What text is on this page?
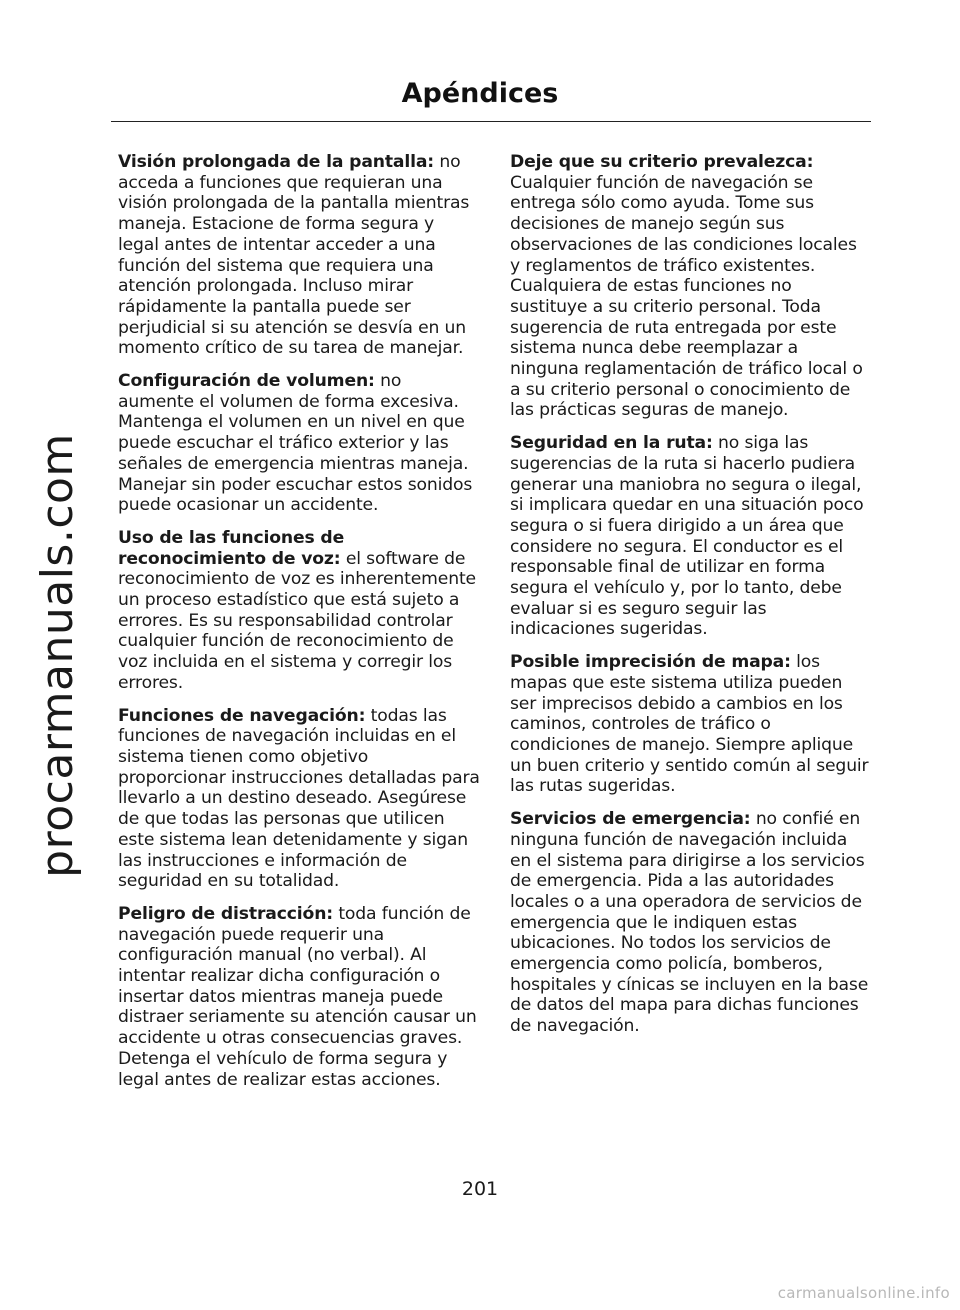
procarmanuals.com
Apéndices

Visión prolongada de la pantalla: no acceda a funciones que requieran una visión prolongada de la pantalla mientras maneja. Estacione de forma segura y legal antes de intentar acceder a una función del sistema que requiera una atención prolongada. Incluso mirar rápidamente la pantalla puede ser perjudicial si su atención se desvía en un momento crítico de su tarea de manejar.

Configuración de volumen: no aumente el volumen de forma excesiva. Mantenga el volumen en un nivel en que puede escuchar el tráfico exterior y las señales de emergencia mientras maneja. Manejar sin poder escuchar estos sonidos puede ocasionar un accidente.

Uso de las funciones de reconocimiento de voz: el software de reconocimiento de voz es inherentemente un proceso estadístico que está sujeto a errores. Es su responsabilidad controlar cualquier función de reconocimiento de voz incluida en el sistema y corregir los errores.

Funciones de navegación: todas las funciones de navegación incluidas en el sistema tienen como objetivo proporcionar instrucciones detalladas para llevarlo a un destino deseado. Asegúrese de que todas las personas que utilicen este sistema lean detenidamente y sigan las instrucciones e información de seguridad en su totalidad.

Peligro de distracción: toda función de navegación puede requerir una configuración manual (no verbal). Al intentar realizar dicha configuración o insertar datos mientras maneja puede distraer seriamente su atención causar un accidente u otras consecuencias graves. Detenga el vehículo de forma segura y legal antes de realizar estas acciones.

Deje que su criterio prevalezca: Cualquier función de navegación se entrega sólo como ayuda. Tome sus decisiones de manejo según sus observaciones de las condiciones locales y reglamentos de tráfico existentes. Cualquiera de estas funciones no sustituye a su criterio personal. Toda sugerencia de ruta entregada por este sistema nunca debe reemplazar a ninguna reglamentación de tráfico local o a su criterio personal o conocimiento de las prácticas seguras de manejo.

Seguridad en la ruta: no siga las sugerencias de la ruta si hacerlo pudiera generar una maniobra no segura o ilegal, si implicara quedar en una situación poco segura o si fuera dirigido a un área que considere no segura. El conductor es el responsable final de utilizar en forma segura el vehículo y, por lo tanto, debe evaluar si es seguro seguir las indicaciones sugeridas.

Posible imprecisión de mapa: los mapas que este sistema utiliza pueden ser imprecisos debido a cambios en los caminos, controles de tráfico o condiciones de manejo. Siempre aplique un buen criterio y sentido común al seguir las rutas sugeridas.

Servicios de emergencia: no confié en ninguna función de navegación incluida en el sistema para dirigirse a los servicios de emergencia. Pida a las autoridades locales o a una operadora de servicios de emergencia que le indiquen estas ubicaciones. No todos los servicios de emergencia como policía, bomberos, hospitales y cínicas se incluyen en la base de datos del mapa para dichas funciones de navegación.

201
carmanualsonline.info
